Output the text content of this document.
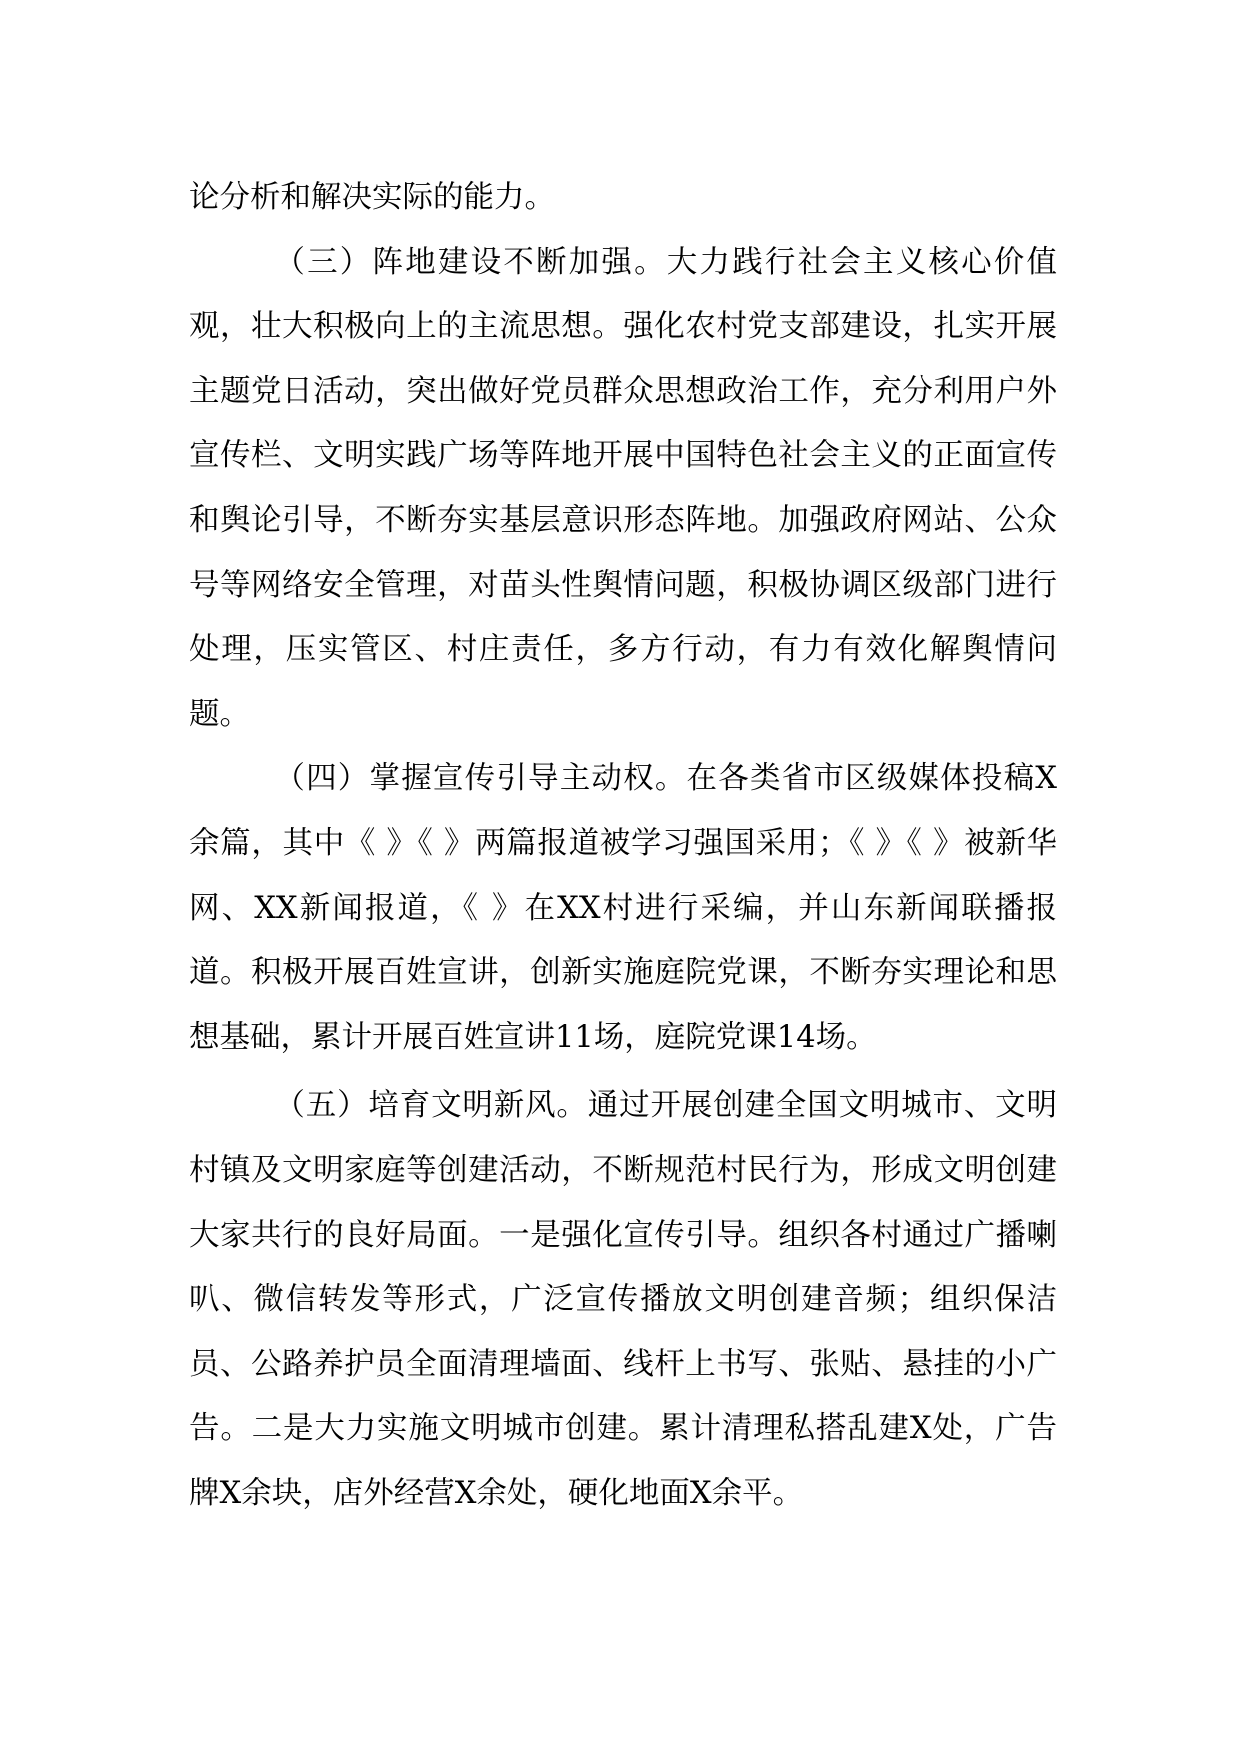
论分析和解决实际的能力。

（三）阵地建设不断加强。大力践行社会主义核心价值观，壮大积极向上的主流思想。强化农村党支部建设，扎实开展主题党日活动，突出做好党员群众思想政治工作，充分利用户外宣传栏、文明实践广场等阵地开展中国特色社会主义的正面宣传和舆论引导，不断夯实基层意识形态阵地。加强政府网站、公众号等网络安全管理，对苗头性舆情问题，积极协调区级部门进行处理，压实管区、村庄责任，多方行动，有力有效化解舆情问题。

（四）掌握宣传引导主动权。在各类省市区级媒体投稿X余篇，其中《 》《 》两篇报道被学习强国采用；《 》《 》被新华网、XX新闻报道，《 》在XX村进行采编，并山东新闻联播报道。积极开展百姓宣讲，创新实施庭院党课，不断夯实理论和思想基础，累计开展百姓宣讲11场，庭院党课14场。

（五）培育文明新风。通过开展创建全国文明城市、文明村镇及文明家庭等创建活动，不断规范村民行为，形成文明创建大家共行的良好局面。一是强化宣传引导。组织各村通过广播喇叭、微信转发等形式，广泛宣传播放文明创建音频；组织保洁员、公路养护员全面清理墙面、线杆上书写、张贴、悬挂的小广告。二是大力实施文明城市创建。累计清理私搭乱建X处，广告牌X余块，店外经营X余处，硬化地面X余平。
